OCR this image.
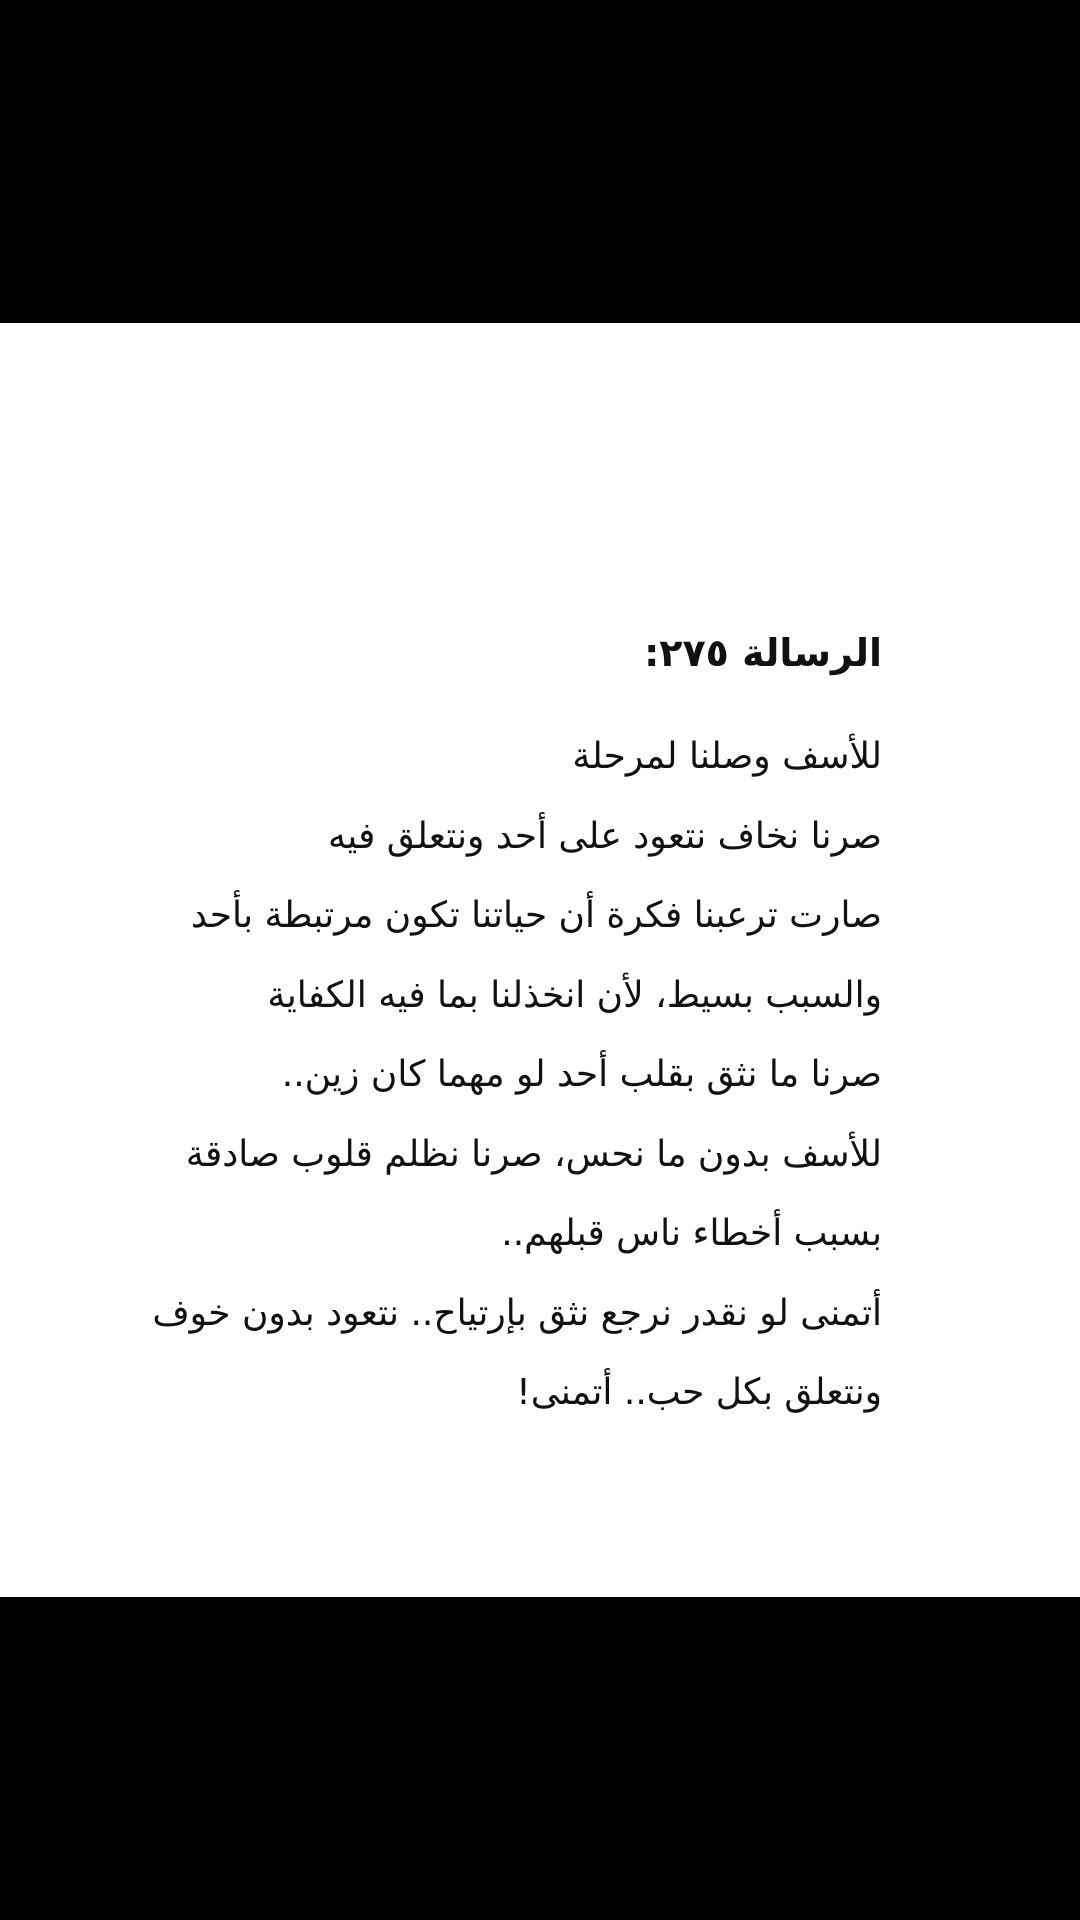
الرسالة ٢٧٥:
للأسف وصلنا لمرحلة
صرنا نخاف نتعود على أحد ونتعلق فيه
صارت ترعبنا فكرة أن حياتنا تكون مرتبطة بأحد
والسبب بسيط، لأن انخذلنا بما فيه الكفاية
صرنا ما نثق بقلب أحد لو مهما كان زين..
للأسف بدون ما نحس، صرنا نظلم قلوب صادقة
بسبب أخطاء ناس قبلهم..
أتمنى لو نقدر نرجع نثق بإرتياح.. نتعود بدون خوف
ونتعلق بكل حب.. أتمنى!
